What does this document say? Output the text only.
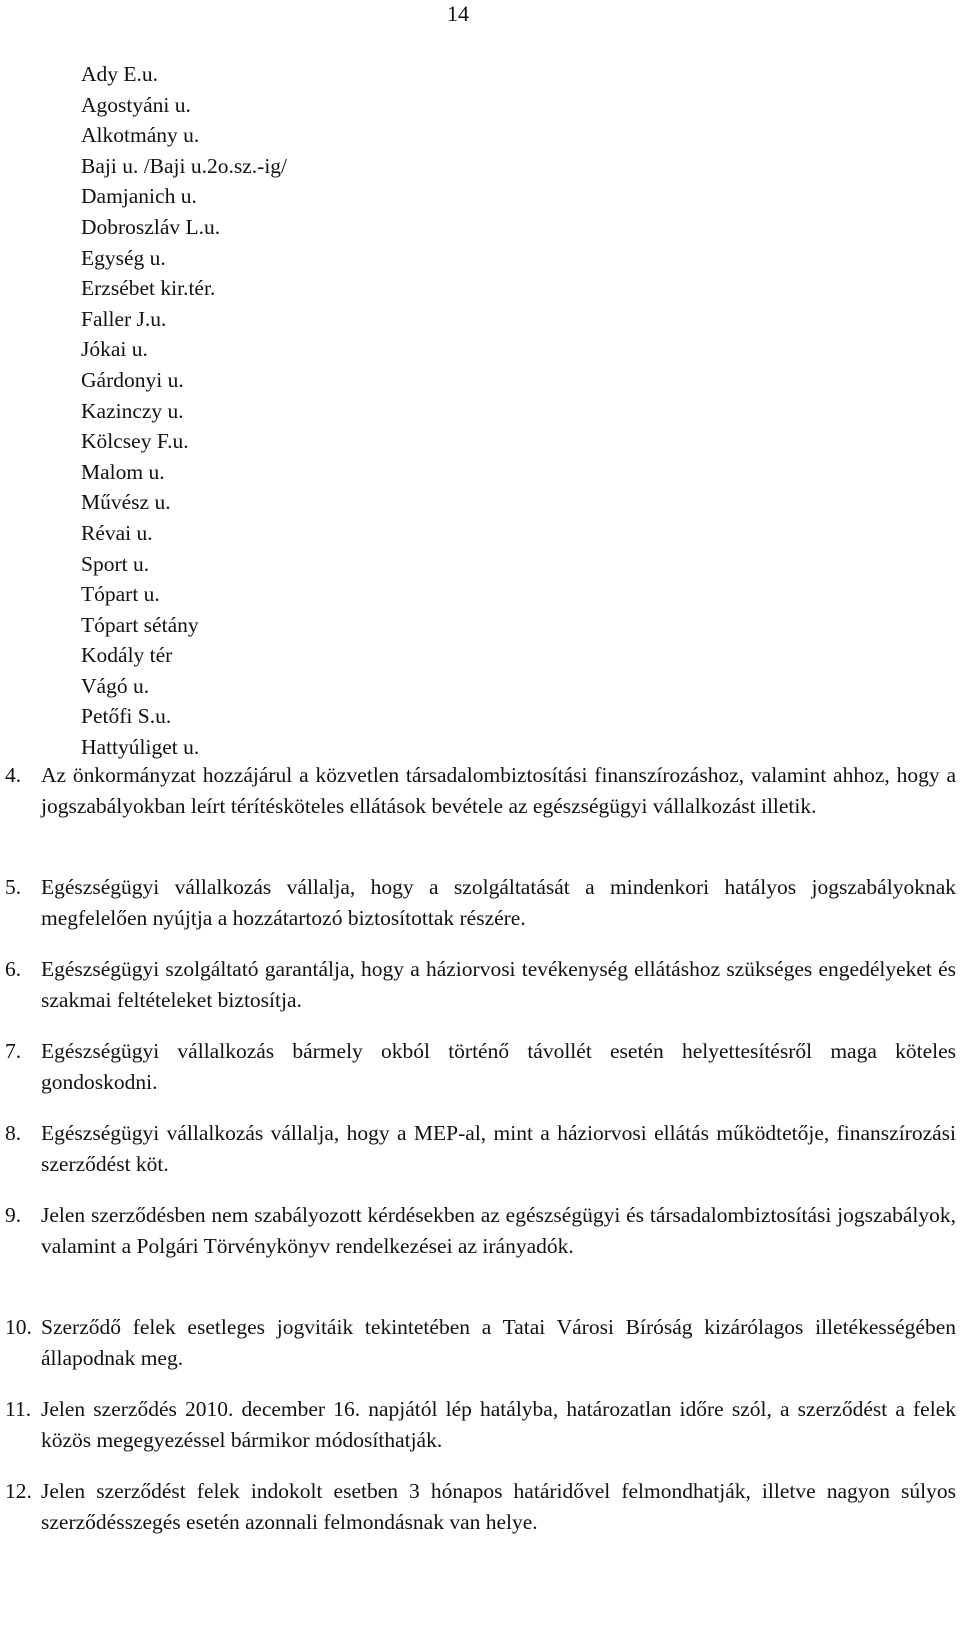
14
Ady E.u.
Agostyáni u.
Alkotmány u.
Baji u. /Baji u.2o.sz.-ig/
Damjanich u.
Dobroszláv L.u.
Egység u.
Erzsébet kir.tér.
Faller J.u.
Jókai u.
Gárdonyi u.
Kazinczy u.
Kölcsey F.u.
Malom u.
Művész u.
Révai u.
Sport u.
Tópart u.
Tópart sétány
Kodály tér
Vágó u.
Petőfi S.u.
Hattyúliget u.
4. Az önkormányzat hozzájárul a közvetlen társadalombiztosítási finanszírozáshoz, valamint ahhoz, hogy a jogszabályokban leírt térítésköteles ellátások bevétele az egészségügyi vállalkozást illetik.
5. Egészségügyi vállalkozás vállalja, hogy a szolgáltatását a mindenkori hatályos jogszabályoknak megfelelően nyújtja a hozzátartozó biztosítottak részére.
6. Egészségügyi szolgáltató garantálja, hogy a háziorvosi tevékenység ellátáshoz szükséges engedélyeket és szakmai feltételeket biztosítja.
7. Egészségügyi vállalkozás bármely okból történő távollét esetén helyettesítésről maga köteles gondoskodni.
8. Egészségügyi vállalkozás vállalja, hogy a MEP-al, mint a háziorvosi ellátás működtetője, finanszírozási szerződést köt.
9. Jelen szerződésben nem szabályozott kérdésekben az egészségügyi és társadalombiztosítási jogszabályok, valamint a Polgári Törvénykönyv rendelkezései az irányadók.
10. Szerződő felek esetleges jogvitáik tekintetében a Tatai Városi Bíróság kizárólagos illetékességében állapodnak meg.
11. Jelen szerződés 2010. december 16. napjától lép hatályba, határozatlan időre szól, a szerződést a felek közös megegyezéssel bármikor módosíthatják.
12. Jelen szerződést felek indokolt esetben 3 hónapos határidővel felmondhatják, illetve nagyon súlyos szerződésszegés esetén azonnali felmondásnak van helye.
